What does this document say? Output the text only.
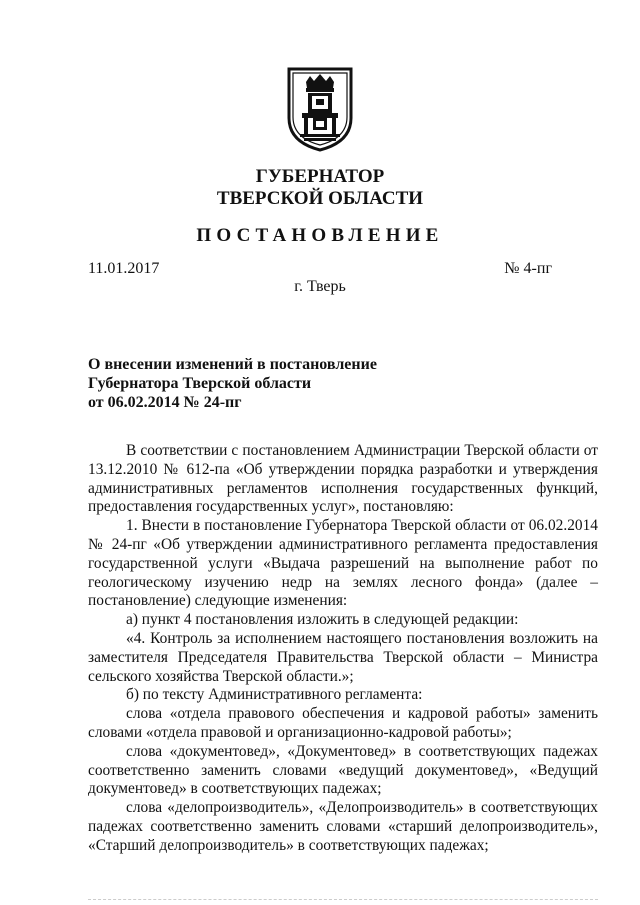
ГУБЕРНАТОР
ТВЕРСКОЙ ОБЛАСТИ
ПОСТАНОВЛЕНИЕ
11.01.2017	№ 4-пг
г. Тверь
О внесении изменений в постановление
Губернатора Тверской области
от 06.02.2014 № 24-пг

В соответствии с постановлением Администрации Тверской области от 13.12.2010 № 612-па «Об утверждении порядка разработки и утверждения административных регламентов исполнения государственных функций, предоставления государственных услуг», постановляю:

1. Внести в постановление Губернатора Тверской области от 06.02.2014 № 24-пг «Об утверждении административного регламента предоставления государственной услуги «Выдача разрешений на выполнение работ по геологическому изучению недр на землях лесного фонда» (далее – постановление) следующие изменения:

а) пункт 4 постановления изложить в следующей редакции:

«4. Контроль за исполнением настоящего постановления возложить на заместителя Председателя Правительства Тверской области – Министра сельского хозяйства Тверской области.»;

б) по тексту Административного регламента:

слова «отдела правового обеспечения и кадровой работы» заменить словами «отдела правовой и организационно-кадровой работы»;

слова «документовед», «Документовед» в соответствующих падежах соответственно заменить словами «ведущий документовед», «Ведущий документовед» в соответствующих падежах;

слова «делопроизводитель», «Делопроизводитель» в соответствующих падежах соответственно заменить словами «старший делопроизводитель», «Старший делопроизводитель» в соответствующих падежах;
